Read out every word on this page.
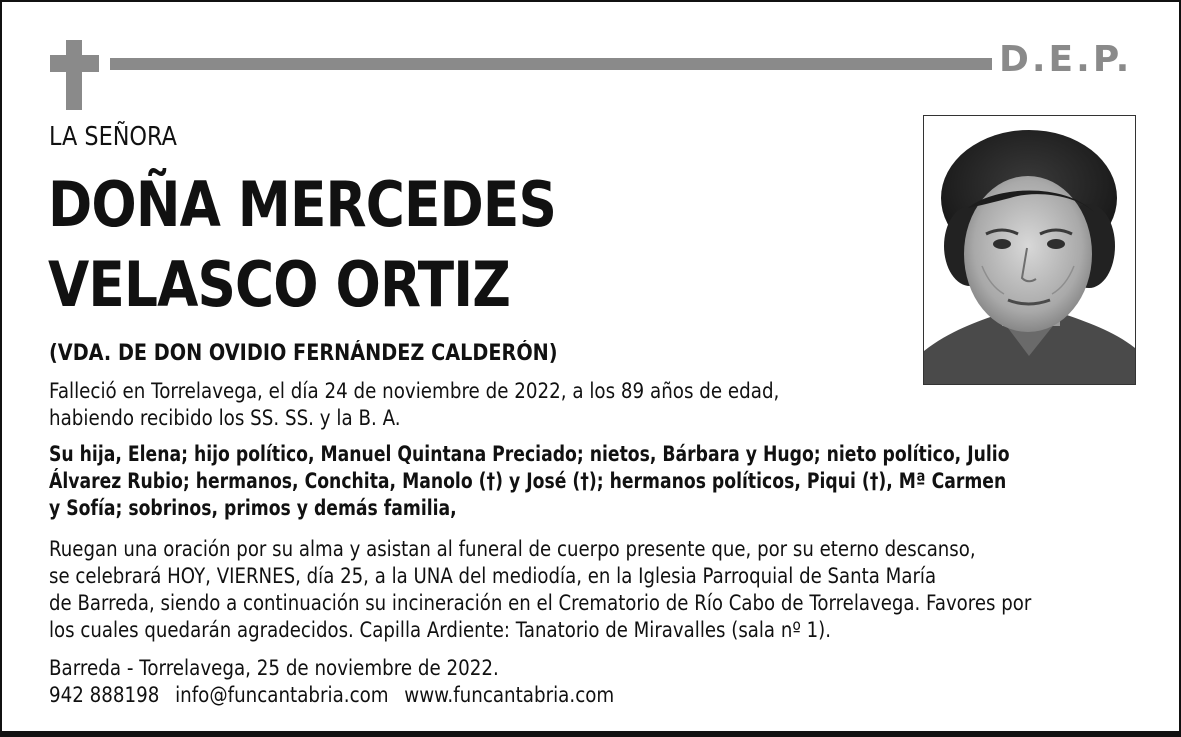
D.E.P.
LA SEÑORA
DOÑA MERCEDES
VELASCO ORTIZ
(VDA. DE DON OVIDIO FERNÁNDEZ CALDERÓN)
Falleció en Torrelavega, el día 24 de noviembre de 2022, a los 89 años de edad,
habiendo recibido los SS. SS. y la B. A.
Su hija, Elena; hijo político, Manuel Quintana Preciado; nietos, Bárbara y Hugo; nieto político, Julio
Álvarez Rubio; hermanos, Conchita, Manolo (†) y José (†); hermanos políticos, Piqui (†), Mª Carmen
y Sofía; sobrinos, primos y demás familia,
Ruegan una oración por su alma y asistan al funeral de cuerpo presente que, por su eterno descanso,
se celebrará HOY, VIERNES, día 25, a la UNA del mediodía, en la Iglesia Parroquial de Santa María
de Barreda, siendo a continuación su incineración en el Crematorio de Río Cabo de Torrelavega. Favores por
los cuales quedarán agradecidos. Capilla Ardiente: Tanatorio de Miravalles (sala nº 1).
Barreda - Torrelavega, 25 de noviembre de 2022.
942 888198 info@funcantabria.com www.funcantabria.com
